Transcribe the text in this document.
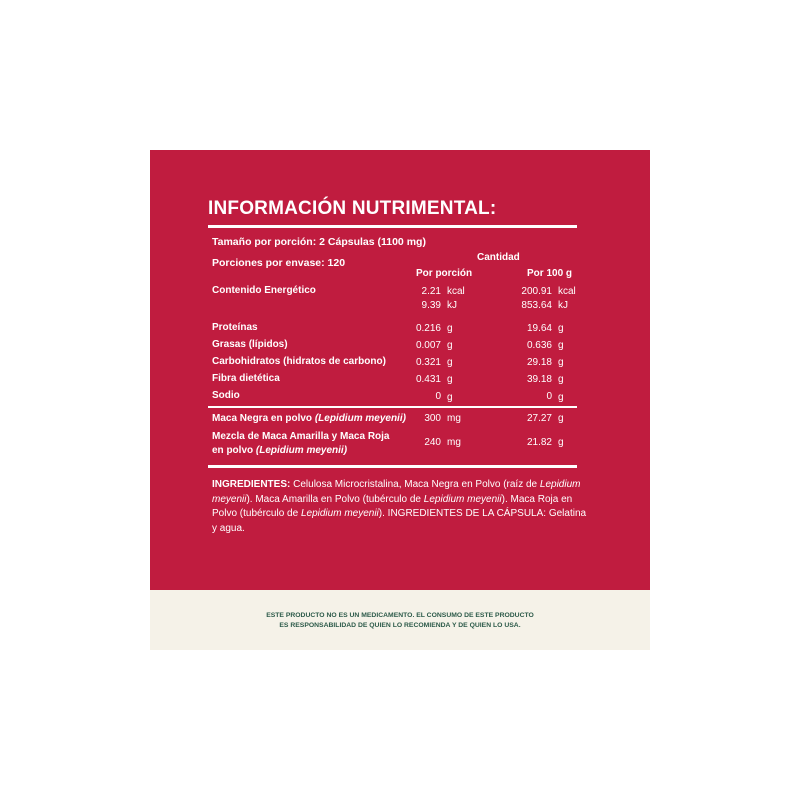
INFORMACIÓN NUTRIMENTAL:
Tamaño por porción: 2 Cápsulas (1100 mg)
Porciones por envase: 120	Cantidad
Por porción	Por 100 g
Contenido Energético	2.21 kcal	200.91 kcal
9.39 kJ	853.64 kJ
Proteínas	0.216 g	19.64 g
Grasas (lípidos)	0.007 g	0.636 g
Carbohidratos (hidratos de carbono)	0.321 g	29.18 g
Fibra dietética	0.431 g	39.18 g
Sodio	0 g	0 g
Maca Negra en polvo (Lepidium meyenii)	300 mg	27.27 g
Mezcla de Maca Amarilla y Maca Roja
en polvo (Lepidium meyenii)
240 mg	21.82 g
INGREDIENTES: Celulosa Microcristalina, Maca Negra en Polvo (raíz de Lepidium meyenii). Maca Amarilla en Polvo (tubérculo de Lepidium meyenii). Maca Roja en Polvo (tubérculo de Lepidium meyenii). INGREDIENTES DE LA CÁPSULA: Gelatina y agua.
ESTE PRODUCTO NO ES UN MEDICAMENTO. EL CONSUMO DE ESTE PRODUCTO
ES RESPONSABILIDAD DE QUIEN LO RECOMIENDA Y DE QUIEN LO USA.
